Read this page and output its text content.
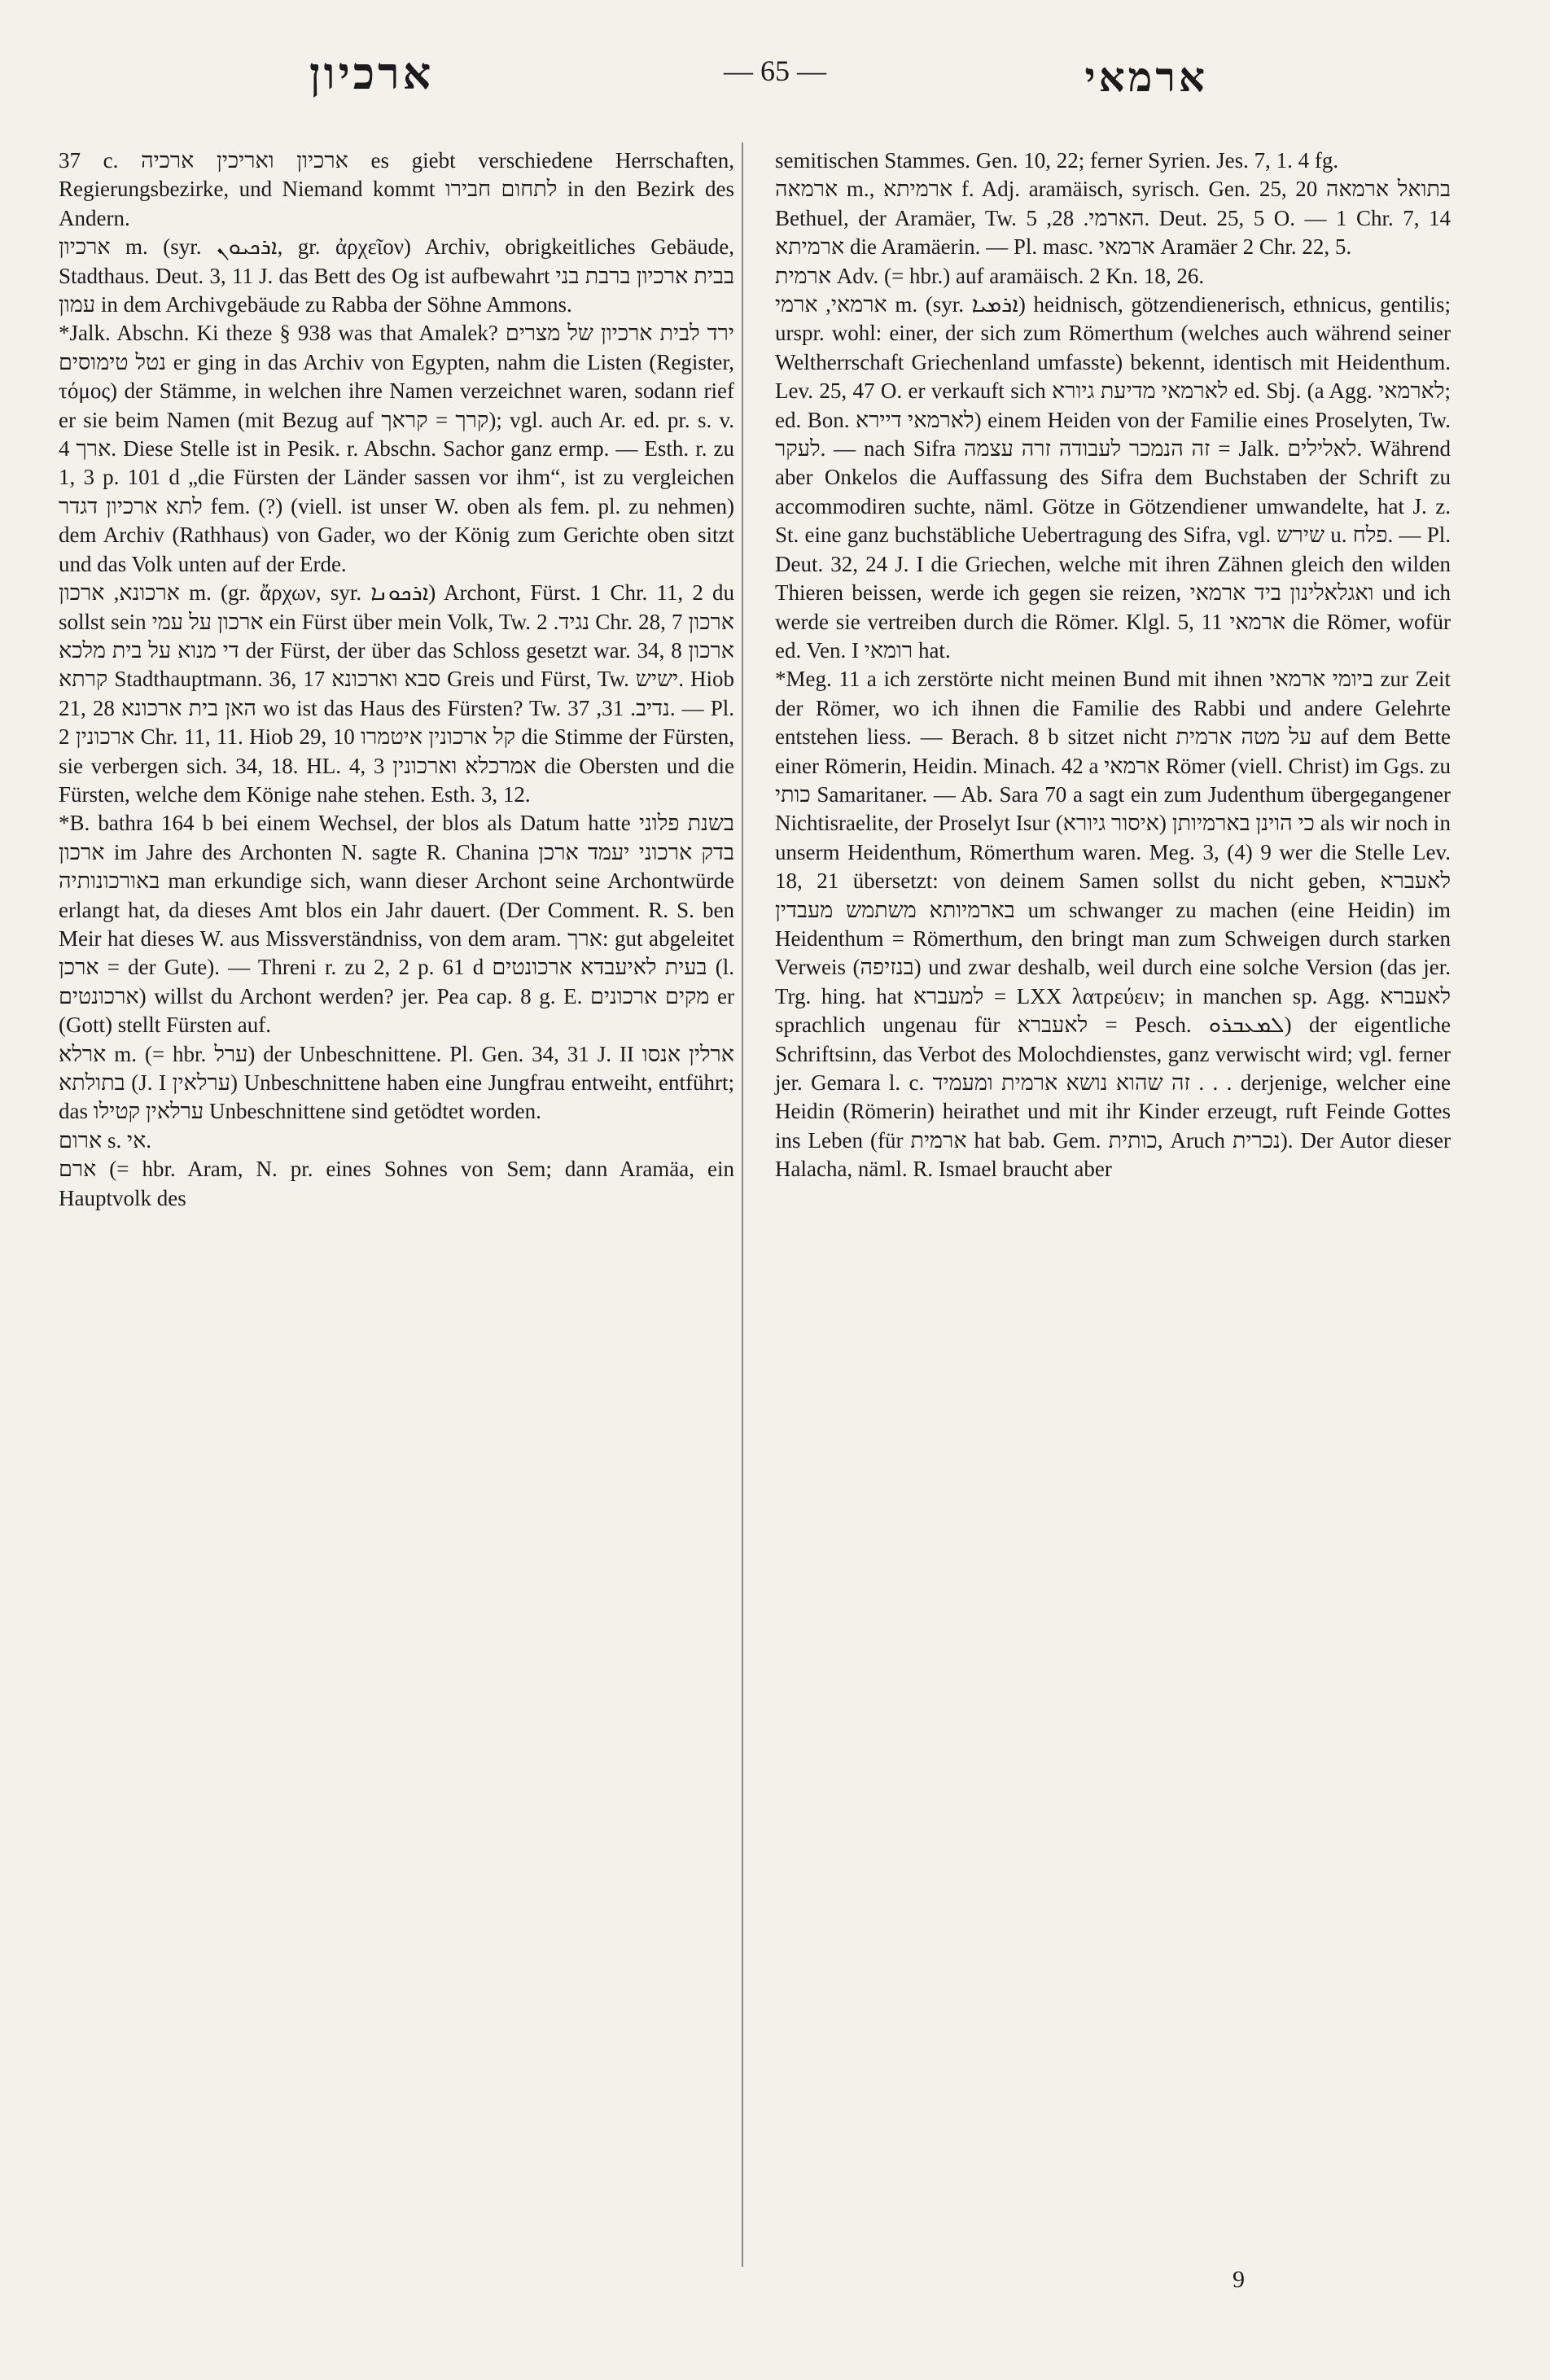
ארכיון	— 65 —	ארמאי

37 c. ארכיון ואריכין ארכיה es giebt verschiedene Herrschaften, Regierungsbezirke, und Niemand kommt לתחום חבירו in den Bezirk des Andern.

ארכיון m. (syr. ܐܪܟܝܘܢ, gr. ἀρχεῖον) Archiv, obrigkeitliches Gebäude, Stadthaus. Deut. 3, 11 J. das Bett des Og ist aufbewahrt בבית ארכיון ברבת בני עמון in dem Archivgebäude zu Rabba der Söhne Ammons.

*Jalk. Abschn. Ki theze § 938 was that Amalek? ירד לבית ארכיון של מצרים נטל טימוסים er ging in das Archiv von Egypten, nahm die Listen (Register, τόμος) der Stämme, in welchen ihre Namen verzeichnet waren, sodann rief er sie beim Namen (mit Bezug auf קרך = קראך); vgl. auch Ar. ed. pr. s. v. ארך 4. Diese Stelle ist in Pesik. r. Abschn. Sachor ganz ermp. — Esth. r. zu 1, 3 p. 101 d „die Fürsten der Länder sassen vor ihm“, ist zu vergleichen לתא ארכיון דגדר fem. (?) (viell. ist unser W. oben als fem. pl. zu nehmen) dem Archiv (Rathhaus) von Gader, wo der König zum Gerichte oben sitzt und das Volk unten auf der Erde.

ארכונא, ארכון m. (gr. ἄρχων, syr. ܐܪܟܘܢܐ) Archont, Fürst. 1 Chr. 11, 2 du sollst sein ארכון על עמי ein Fürst über mein Volk, Tw. נגיד. 2 Chr. 28, 7 ארכון די מנוא על בית מלכא der Fürst, der über das Schloss gesetzt war. 34, 8 ארכון קרתא Stadthauptmann. 36, 17 סבא וארכונא Greis und Fürst, Tw. ישיש. Hiob 21, 28 האן בית ארכונא wo ist das Haus des Fürsten? Tw. נדיב. 31, 37. — Pl. ארכונין 2 Chr. 11, 11. Hiob 29, 10 קל ארכונין איטמרו die Stimme der Fürsten, sie verbergen sich. 34, 18. HL. 4, 3 אמרכלא וארכונין die Obersten und die Fürsten, welche dem Könige nahe stehen. Esth. 3, 12.

*B. bathra 164 b bei einem Wechsel, der blos als Datum hatte בשנת פלוני ארכון im Jahre des Archonten N. sagte R. Chanina בדק ארכוני יעמד ארכן באורכונותיה man erkundige sich, wann dieser Archont seine Archontwürde erlangt hat, da dieses Amt blos ein Jahr dauert. (Der Comment. R. S. ben Meir hat dieses W. aus Missverständniss, von dem aram. ארך: gut abgeleitet ארכן = der Gute). — Threni r. zu 2, 2 p. 61 d בעית לאיעבדא ארכונטים (l. ארכונטים) willst du Archont werden? jer. Pea cap. 8 g. E. מקים ארכונים er (Gott) stellt Fürsten auf.

ארלא m. (= hbr. ערל) der Unbeschnittene. Pl. Gen. 34, 31 J. II ארלין אנסו בתולתא (J. I ערלאין) Unbeschnittene haben eine Jungfrau entweiht, entführt; das ערלאין קטילו Unbeschnittene sind getödtet worden.

ארום s. אי.

ארם (= hbr. Aram, N. pr. eines Sohnes von Sem; dann Aramäa, ein Hauptvolk des

semitischen Stammes. Gen. 10, 22; ferner Syrien. Jes. 7, 1. 4 fg.

ארמאה m., ארמיתא f. Adj. aramäisch, syrisch. Gen. 25, 20 בתואל ארמאה Bethuel, der Aramäer, Tw. הארמי. 28, 5. Deut. 25, 5 O. — 1 Chr. 7, 14 ארמיתא die Aramäerin. — Pl. masc. ארמאי Aramäer 2 Chr. 22, 5.

ארמית Adv. (= hbr.) auf aramäisch. 2 Kn. 18, 26.

ארמאי, ארמי m. (syr. ܐܪܡܝܐ) heidnisch, götzendienerisch, ethnicus, gentilis; urspr. wohl: einer, der sich zum Römerthum (welches auch während seiner Weltherrschaft Griechenland umfasste) bekennt, identisch mit Heidenthum. Lev. 25, 47 O. er verkauft sich לארמאי מדיעת גיורא ed. Sbj. (a Agg. לארמאי; ed. Bon. לארמאי דיירא) einem Heiden von der Familie eines Proselyten, Tw. לעקר. — nach Sifra זה הנמכר לעבודה זרה עצמה = Jalk. לאלילים. Während aber Onkelos die Auffassung des Sifra dem Buchstaben der Schrift zu accommodiren suchte, näml. Götze in Götzendiener umwandelte, hat J. z. St. eine ganz buchstäbliche Uebertragung des Sifra, vgl. שירש u. פלח. — Pl. Deut. 32, 24 J. I die Griechen, welche mit ihren Zähnen gleich den wilden Thieren beissen, werde ich gegen sie reizen, ואגלאלינון ביד ארמאי und ich werde sie vertreiben durch die Römer. Klgl. 5, 11 ארמאי die Römer, wofür ed. Ven. I רומאי hat.

*Meg. 11 a ich zerstörte nicht meinen Bund mit ihnen ביומי ארמאי zur Zeit der Römer, wo ich ihnen die Familie des Rabbi und andere Gelehrte entstehen liess. — Berach. 8 b sitzet nicht על מטה ארמית auf dem Bette einer Römerin, Heidin. Minach. 42 a ארמאי Römer (viell. Christ) im Ggs. zu כותי Samaritaner. — Ab. Sara 70 a sagt ein zum Judenthum übergegangener Nichtisraelite, der Proselyt Isur (איסור גיורא) כי הוינן בארמיותן als wir noch in unserm Heidenthum, Römerthum waren. Meg. 3, (4) 9 wer die Stelle Lev. 18, 21 übersetzt: von deinem Samen sollst du nicht geben, לאעברא בארמיותא משתמש מעבדין um schwanger zu machen (eine Heidin) im Heidenthum = Römerthum, den bringt man zum Schweigen durch starken Verweis (בנזיפה) und zwar deshalb, weil durch eine solche Version (das jer. Trg. hing. hat למעברא = LXX λατρεύειν; in manchen sp. Agg. לאעברא sprachlich ungenau für לאעברא = Pesch. ܠܡܥܒܪܘ) der eigentliche Schriftsinn, das Verbot des Molochdienstes, ganz verwischt wird; vgl. ferner jer. Gemara l. c. זה שהוא נושא ארמית ומעמיד . . . derjenige, welcher eine Heidin (Römerin) heirathet und mit ihr Kinder erzeugt, ruft Feinde Gottes ins Leben (für ארמית hat bab. Gem. כותית, Aruch נכרית). Der Autor dieser Halacha, näml. R. Ismael braucht aber

9
